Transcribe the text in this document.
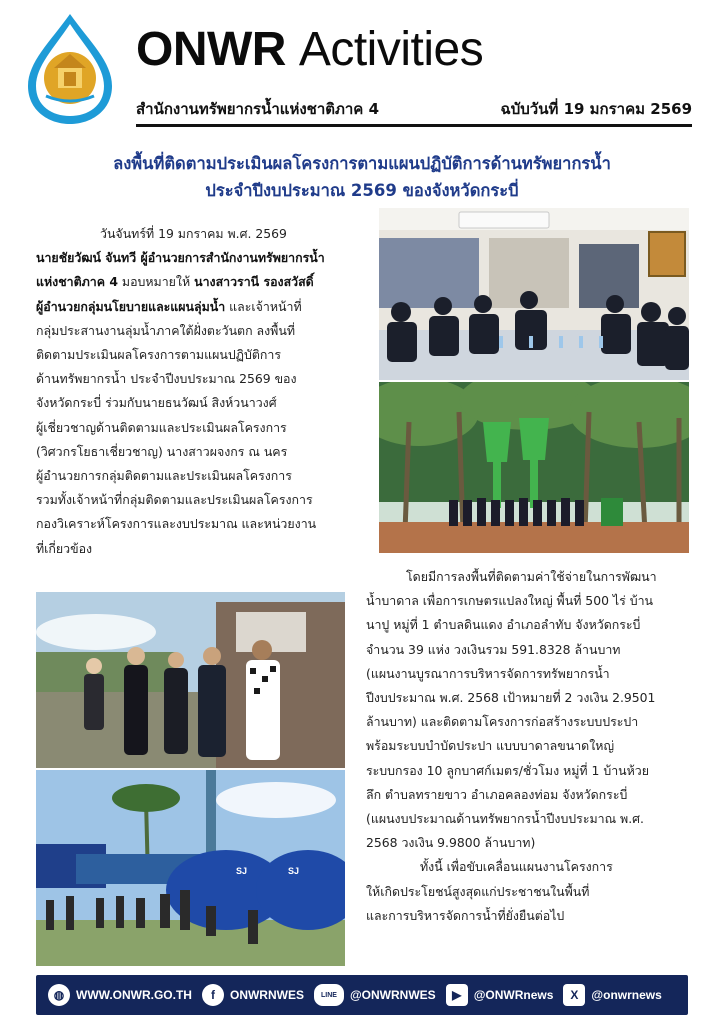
ONWR Activities
สำนักงานทรัพยากรน้ำแห่งชาติภาค 4	ฉบับวันที่ 19 มกราคม 2569
ลงพื้นที่ติดตามประเมินผลโครงการตามแผนปฏิบัติการด้านทรัพยากรน้ำ
ประจำปีงบประมาณ 2569 ของจังหวัดกระบี่
วันจันทร์ที่ 19 มกราคม พ.ศ. 2569
นายชัยวัฒน์ จันทวี ผู้อำนวยการสำนักงานทรัพยากรน้ำ
แห่งชาติภาค 4 มอบหมายให้ นางสาวรานี รองสวัสดิ์
ผู้อำนวยกลุ่มนโยบายและแผนลุ่มน้ำ และเจ้าหน้าที่
กลุ่มประสานงานลุ่มน้ำภาคใต้ฝั่งตะวันตก ลงพื้นที่
ติดตามประเมินผลโครงการตามแผนปฏิบัติการ
ด้านทรัพยากรน้ำ ประจำปีงบประมาณ 2569 ของ
จังหวัดกระบี่ ร่วมกับนายธนวัฒน์ สิงห์วนาวงศ์
ผู้เชี่ยวชาญด้านติดตามและประเมินผลโครงการ
(วิศวกรโยธาเชี่ยวชาญ) นางสาวผจงกร ณ นคร
ผู้อำนวยการกลุ่มติดตามและประเมินผลโครงการ
รวมทั้งเจ้าหน้าที่กลุ่มติดตามและประเมินผลโครงการ
กองวิเคราะห์โครงการและงบประมาณ และหน่วยงาน
ที่เกี่ยวข้อง
SJ	SJ
โดยมีการลงพื้นที่ติดตามค่าใช้จ่ายในการพัฒนา
น้ำบาดาล เพื่อการเกษตรแปลงใหญ่ พื้นที่ 500 ไร่ บ้าน
นาปู หมู่ที่ 1 ตำบลดินแดง อำเภอลำทับ จังหวัดกระบี่
จำนวน 39 แห่ง วงเงินรวม 591.8328 ล้านบาท
(แผนงานบูรณาการบริหารจัดการทรัพยากรน้ำ
ปีงบประมาณ พ.ศ. 2568 เป้าหมายที่ 2 วงเงิน 2.9501
ล้านบาท) และติดตามโครงการก่อสร้างระบบประปา
พร้อมระบบบำบัดประปา แบบบาดาลขนาดใหญ่
ระบบกรอง 10 ลูกบาศก์เมตร/ชั่วโมง หมู่ที่ 1 บ้านห้วย
ลึก ตำบลทรายขาว อำเภอคลองท่อม จังหวัดกระบี่
(แผนงบประมาณด้านทรัพยากรน้ำปีงบประมาณ พ.ศ.
2568 วงเงิน 9.9800 ล้านบาท)
ทั้งนี้ เพื่อขับเคลื่อนแผนงานโครงการ
ให้เกิดประโยชน์สูงสุดแก่ประชาชนในพื้นที่
และการบริหารจัดการน้ำที่ยั่งยืนต่อไป
◍ WWW.ONWR.GO.TH	f	ONWRNWES	LINE	@ONWRNWES	▶	@ONWRnews	X	@onwrnews
